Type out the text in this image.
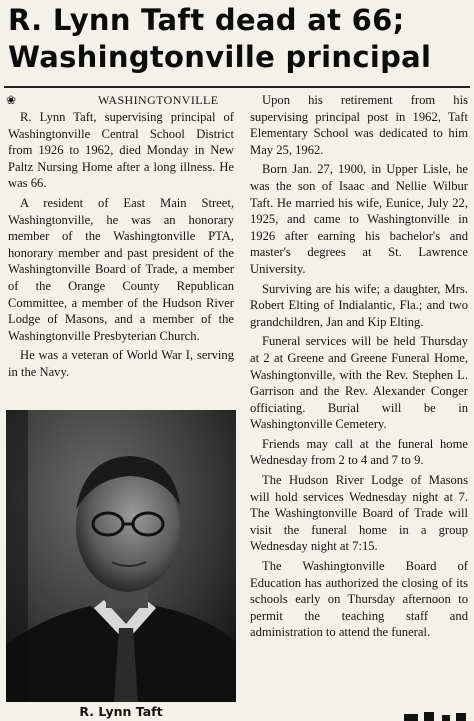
R. Lynn Taft dead at 66;
Washingtonville principal
❀	WASHINGTONVILLE

R. Lynn Taft, supervising principal of Washingtonville Central School District from 1926 to 1962, died Monday in New Paltz Nursing Home after a long illness. He was 66.

A resident of East Main Street, Washingtonville, he was an honorary member of the Washingtonville PTA, honorary member and past president of the Washingtonville Board of Trade, a member of the Orange County Republican Committee, a member of the Hudson River Lodge of Masons, and a member of the Washingtonville Presbyterian Church.

He was a veteran of World War I, serving in the Navy.

R. Lynn Taft

Upon his retirement from his supervising principal post in 1962, Taft Elementary School was dedicated to him May 25, 1962.

Born Jan. 27, 1900, in Upper Lisle, he was the son of Isaac and Nellie Wilbur Taft. He married his wife, Eunice, July 22, 1925, and came to Washingtonville in 1926 after earning his bachelor's and master's degrees at St. Lawrence University.

Surviving are his wife; a daughter, Mrs. Robert Elting of Indialantic, Fla.; and two grandchildren, Jan and Kip Elting.

Funeral services will be held Thursday at 2 at Greene and Greene Funeral Home, Washingtonville, with the Rev. Stephen L. Garrison and the Rev. Alexander Conger officiating. Burial will be in Washingtonville Cemetery.

Friends may call at the funeral home Wednesday from 2 to 4 and 7 to 9.

The Hudson River Lodge of Masons will hold services Wednesday night at 7. The Washingtonville Board of Trade will visit the funeral home in a group Wednesday night at 7:15.

The Washingtonville Board of Education has authorized the closing of its schools early on Thursday afternoon to permit the teaching staff and administration to attend the funeral.
